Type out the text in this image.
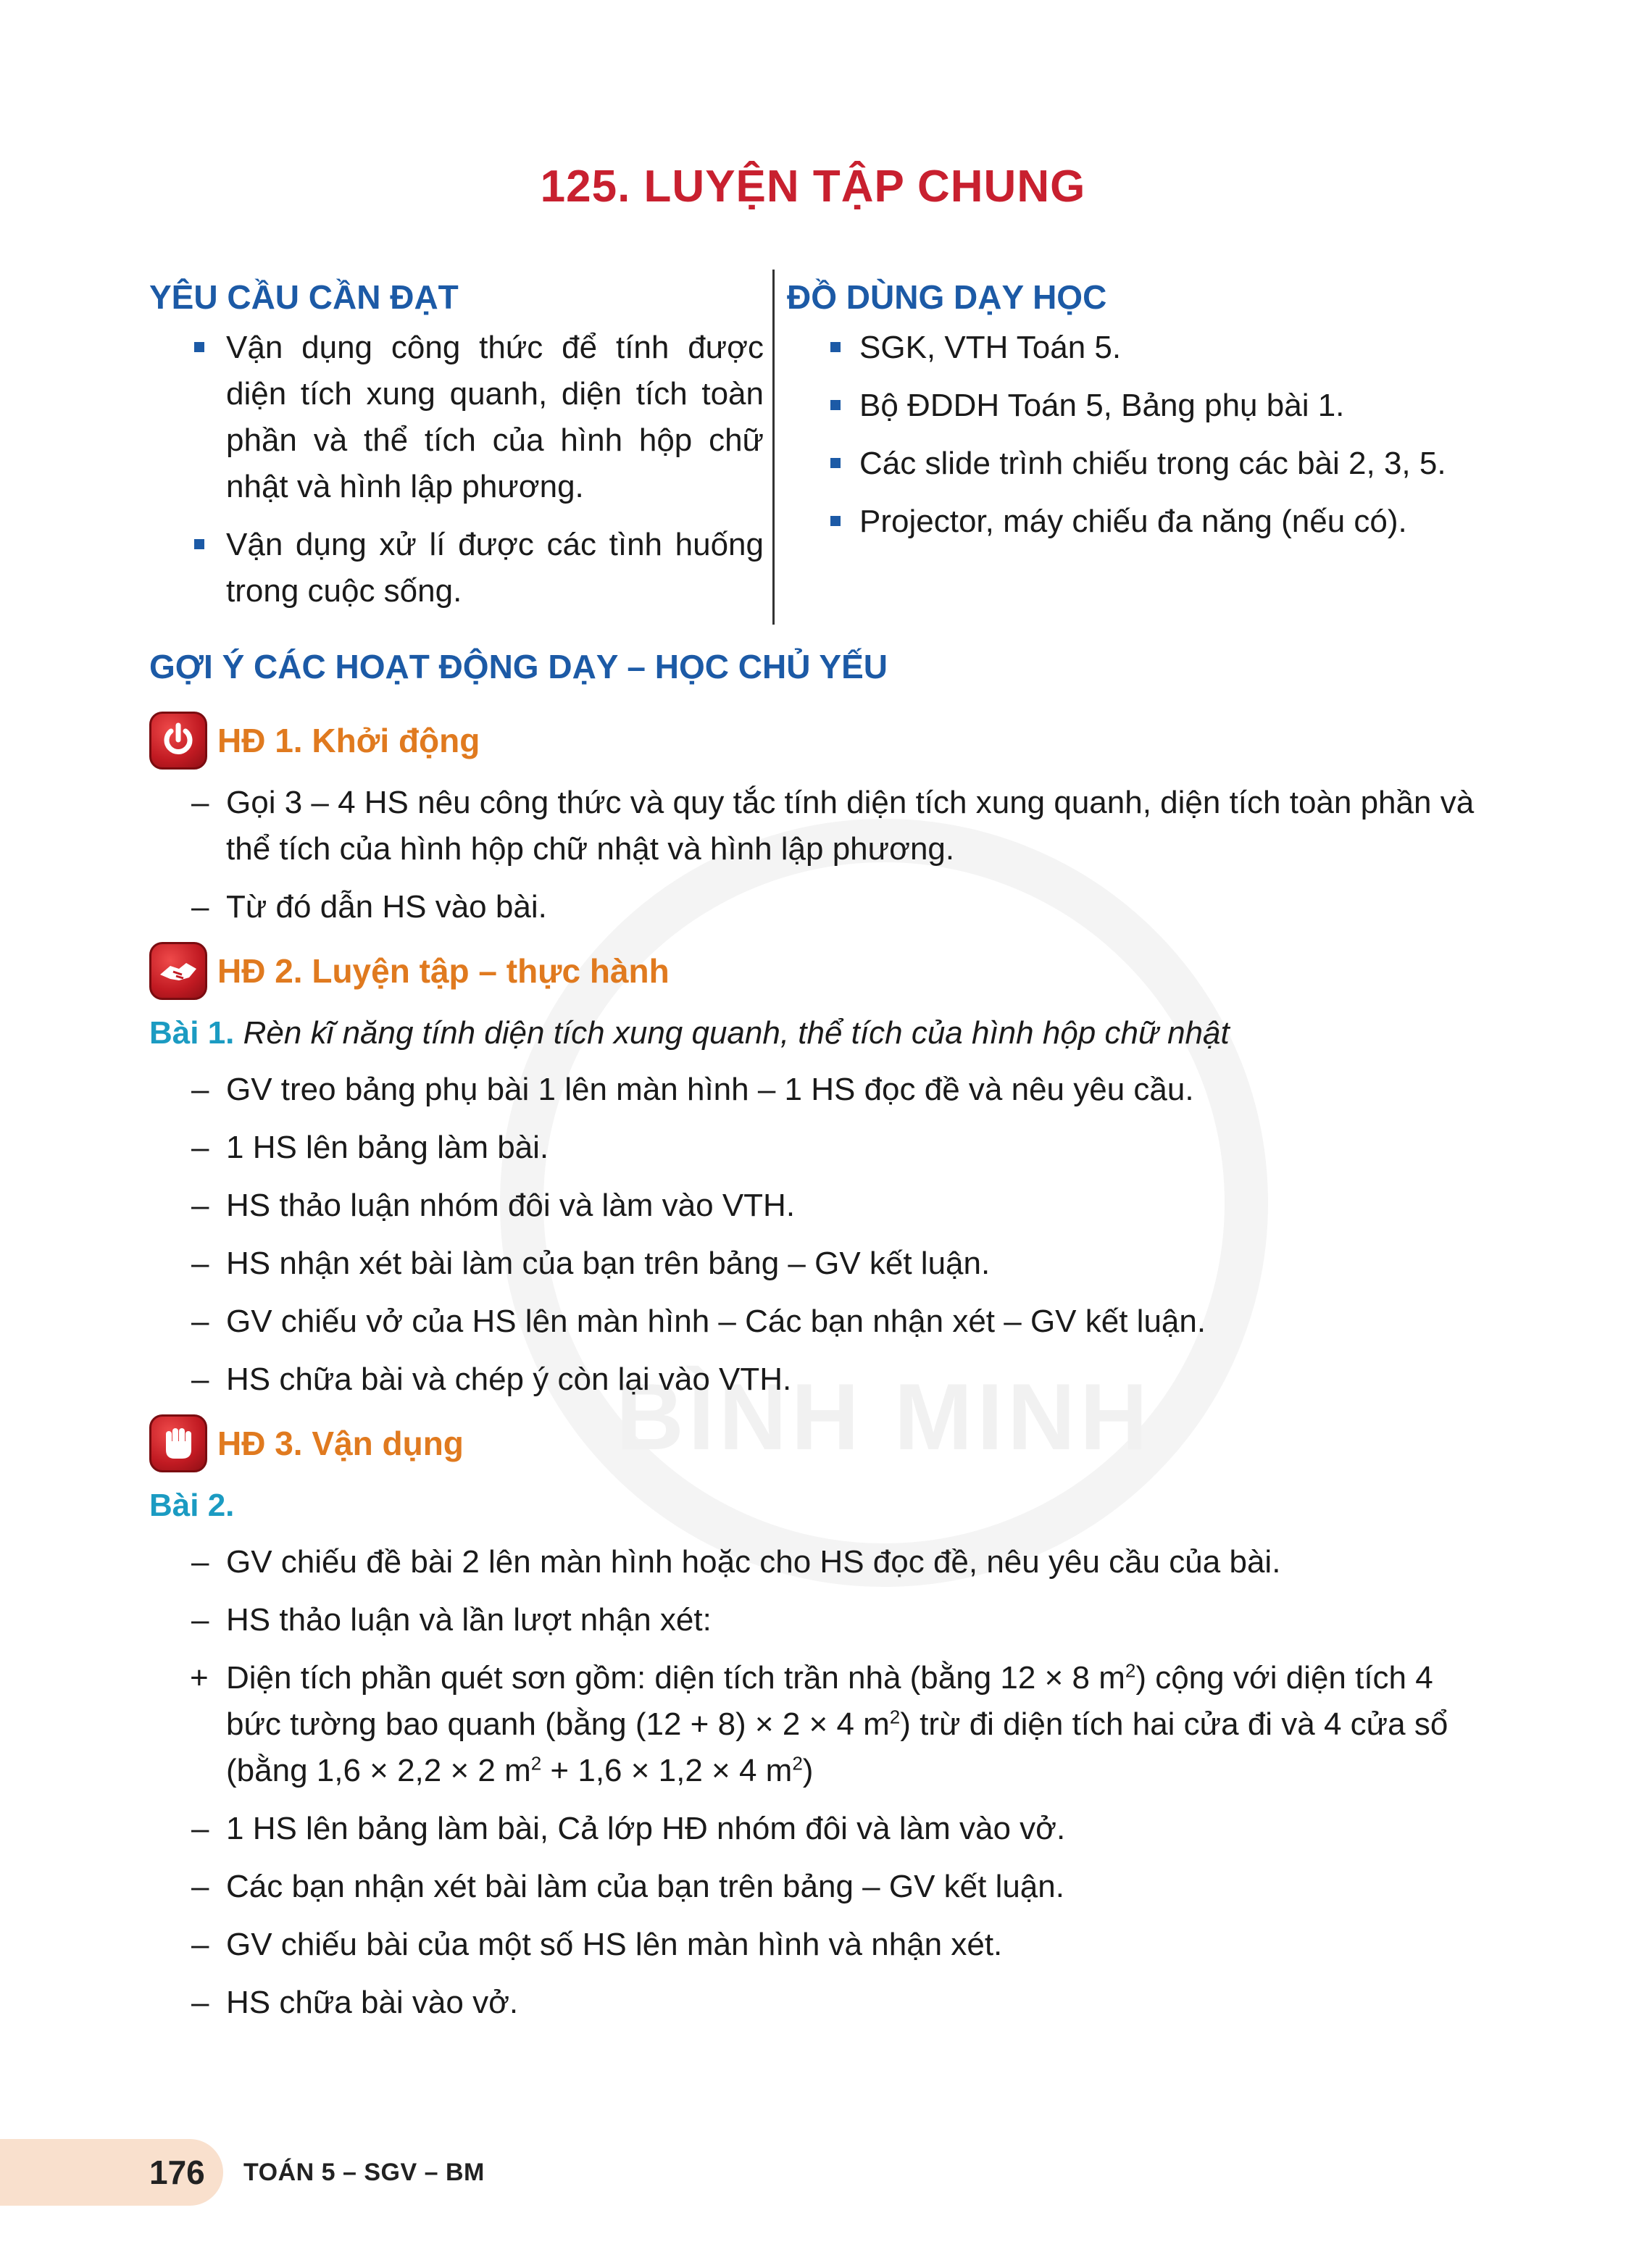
BÌNH MINH
125. LUYỆN TẬP CHUNG
YÊU CẦU CẦN ĐẠT
Vận dụng công thức để tính được diện tích xung quanh, diện tích toàn phần và thể tích của hình hộp chữ nhật và hình lập phương.
Vận dụng xử lí được các tình huống trong cuộc sống.
ĐỒ DÙNG DẠY HỌC
SGK, VTH Toán 5.
Bộ ĐDDH Toán 5, Bảng phụ bài 1.
Các slide trình chiếu trong các bài 2, 3, 5.
Projector, máy chiếu đa năng (nếu có).
GỢI Ý CÁC HOẠT ĐỘNG DẠY – HỌC CHỦ YẾU
HĐ 1. Khởi động
– Gọi 3 – 4 HS nêu công thức và quy tắc tính diện tích xung quanh, diện tích toàn phần và thể tích của hình hộp chữ nhật và hình lập phương.
– Từ đó dẫn HS vào bài.
HĐ 2. Luyện tập – thực hành
Bài 1. Rèn kĩ năng tính diện tích xung quanh, thể tích của hình hộp chữ nhật
– GV treo bảng phụ bài 1 lên màn hình – 1 HS đọc đề và nêu yêu cầu.
– 1 HS lên bảng làm bài.
– HS thảo luận nhóm đôi và làm vào VTH.
– HS nhận xét bài làm của bạn trên bảng – GV kết luận.
– GV chiếu vở của HS lên màn hình – Các bạn nhận xét – GV kết luận.
– HS chữa bài và chép ý còn lại vào VTH.
HĐ 3. Vận dụng
Bài 2.
– GV chiếu đề bài 2 lên màn hình hoặc cho HS đọc đề, nêu yêu cầu của bài.
– HS thảo luận và lần lượt nhận xét:
+ Diện tích phần quét sơn gồm: diện tích trần nhà (bằng 12 × 8 $m^2$) cộng với diện tích 4 bức tường bao quanh (bằng (12 + 8) × 2 × 4 $m^2$) trừ đi diện tích hai cửa đi và 4 cửa sổ (bằng 1,6 × 2,2 × 2 $m^2 + 1,6 \times 1,2 \times 4$ $m^2$)
– 1 HS lên bảng làm bài, Cả lớp HĐ nhóm đôi và làm vào vở.
– Các bạn nhận xét bài làm của bạn trên bảng – GV kết luận.
– GV chiếu bài của một số HS lên màn hình và nhận xét.
– HS chữa bài vào vở.
176 TOÁN 5 – SGV – BM
